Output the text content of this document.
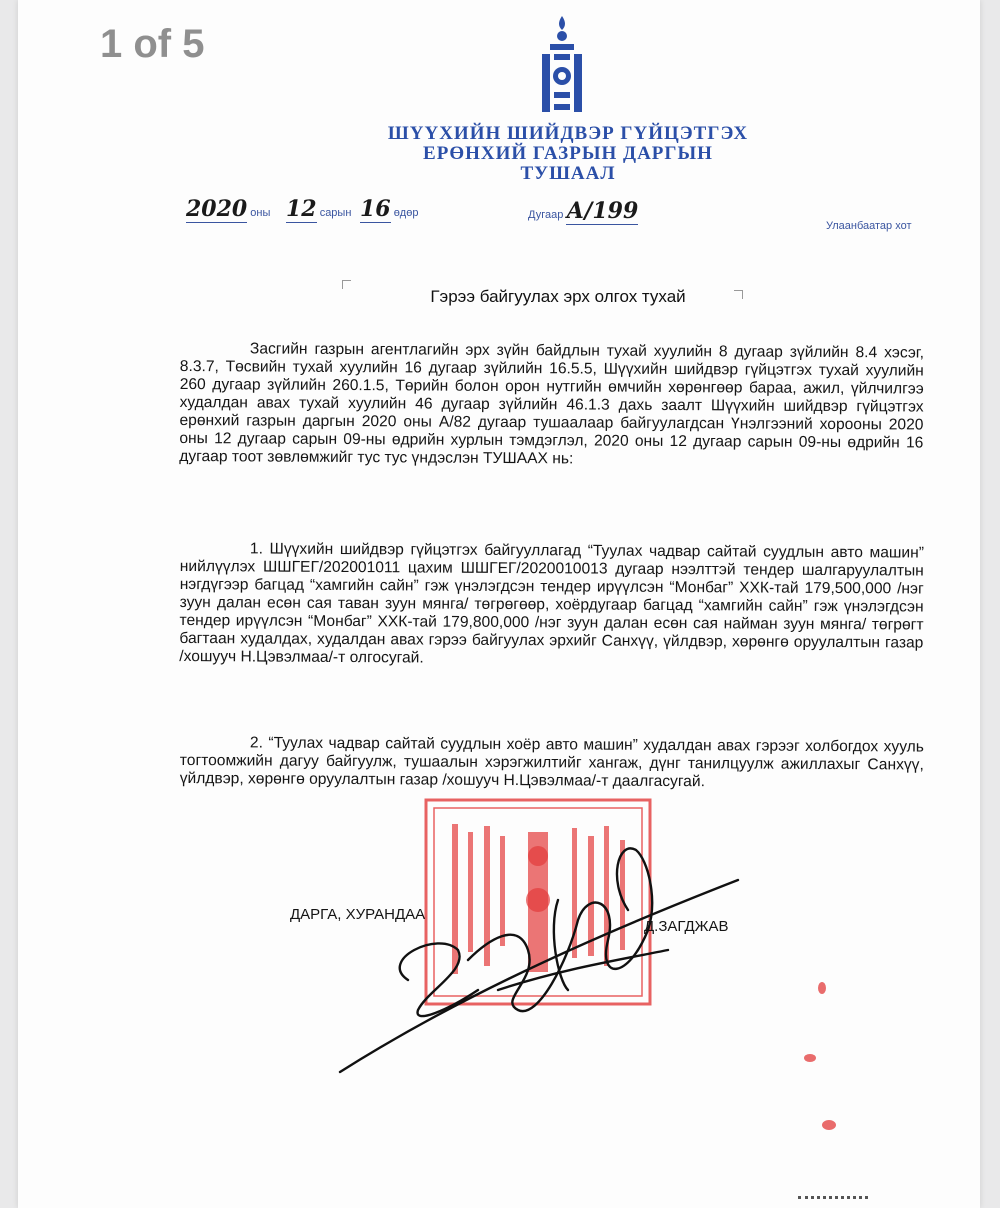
ШҮҮХИЙН ШИЙДВЭР ГҮЙЦЭТГЭХ
ЕРӨНХИЙ ГАЗРЫН ДАРГЫН
ТУШААЛ
2020 оны 12 сарын 16 өдөр	Дугаар А/199
Улаанбаатар хот
Гэрээ байгуулах эрх олгох тухай
Засгийн газрын агентлагийн эрх зүйн байдлын тухай хуулийн 8 дугаар зүйлийн 8.4 хэсэг, 8.3.7, Төсвийн тухай хуулийн 16 дугаар зүйлийн 16.5.5, Шүүхийн шийдвэр гүйцэтгэх тухай хуулийн 260 дугаар зүйлийн 260.1.5, Төрийн болон орон нутгийн өмчийн хөрөнгөөр бараа, ажил, үйлчилгээ худалдан авах тухай хуулийн 46 дугаар зүйлийн 46.1.3 дахь заалт Шүүхийн шийдвэр гүйцэтгэх ерөнхий газрын даргын 2020 оны А/82 дугаар тушаалаар байгуулагдсан Үнэлгээний хорооны 2020 оны 12 дугаар сарын 09-ны өдрийн хурлын тэмдэглэл, 2020 оны 12 дугаар сарын 09-ны өдрийн 16 дугаар тоот зөвлөмжийг тус тус үндэслэн ТУШААХ нь:
1. Шүүхийн шийдвэр гүйцэтгэх байгууллагад “Туулах чадвар сайтай суудлын авто машин” нийлүүлэх ШШГЕГ/202001011 цахим ШШГЕГ/2020010013 дугаар нээлттэй тендер шалгаруулалтын нэгдүгээр багцад “хамгийн сайн” гэж үнэлэгдсэн тендер ирүүлсэн “Монбаг” ХХК-тай 179,500,000 /нэг зуун далан есөн сая таван зуун мянга/ төгрөгөөр, хоёрдугаар багцад “хамгийн сайн” гэж үнэлэгдсэн тендер ирүүлсэн “Монбаг” ХХК-тай 179,800,000 /нэг зуун далан есөн сая найман зуун мянга/ төгрөгт багтаан худалдах, худалдан авах гэрээ байгуулах эрхийг Санхүү, үйлдвэр, хөрөнгө оруулалтын газар /хошууч Н.Цэвэлмаа/-т олгосугай.
2. “Туулах чадвар сайтай суудлын хоёр авто машин” худалдан авах гэрээг холбогдох хууль тогтоомжийн дагуу байгуулж, тушаалын хэрэгжилтийг хангаж, дүнг танилцуулж ажиллахыг Санхүү, үйлдвэр, хөрөнгө оруулалтын газар /хошууч Н.Цэвэлмаа/-т даалгасугай.
ДАРГА, ХУРАНДАА
Д.ЗАГДЖАВ
1 of 5
